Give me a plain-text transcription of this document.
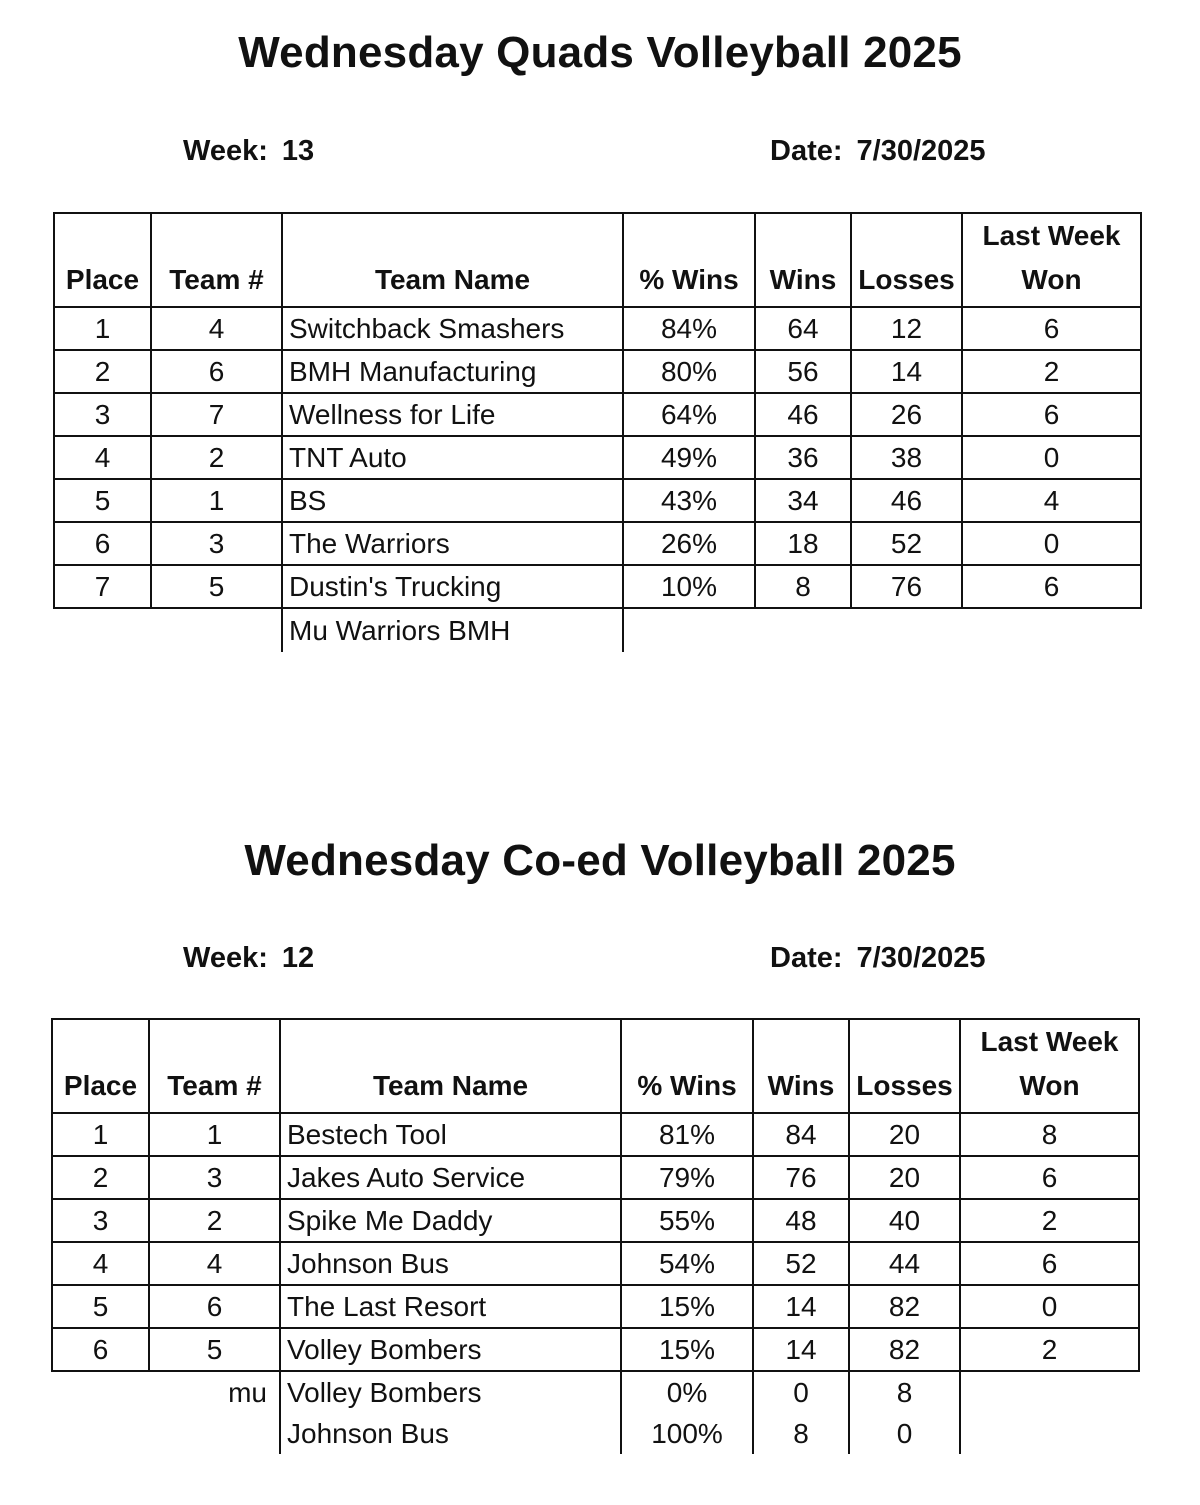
Wednesday Quads Volleyball 2025
Week: 13	Date: 7/30/2025
Place	Team #	Team Name	% Wins	Wins	Losses	Last Week
Won
1	4	Switchback Smashers	84%	64	12	6
2	6	BMH Manufacturing	80%	56	14	2
3	7	Wellness for Life	64%	46	26	6
4	2	TNT Auto	49%	36	38	0
5	1	BS	43%	34	46	4
6	3	The Warriors	26%	18	52	0
7	5	Dustin's Trucking	10%	8	76	6
		Mu Warriors BMH				
Wednesday Co-ed Volleyball 2025
Week: 12	Date: 7/30/2025
Place	Team #	Team Name	% Wins	Wins	Losses	Last Week
Won
1	1	Bestech Tool	81%	84	20	8
2	3	Jakes Auto Service	79%	76	20	6
3	2	Spike Me Daddy	55%	48	40	2
4	4	Johnson Bus	54%	52	44	6
5	6	The Last Resort	15%	14	82	0
6	5	Volley Bombers	15%	14	82	2
mu		Volley Bombers	0%	0	8	
		Johnson Bus	100%	8	0	
